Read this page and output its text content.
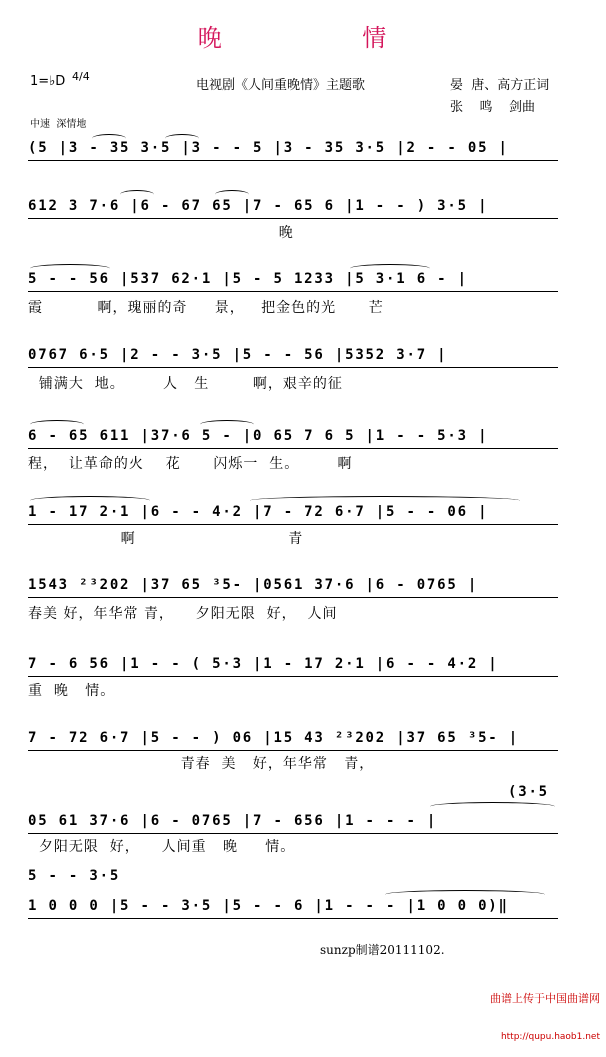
晚    情
1=♭D 4/4
电视剧《人间重晚情》主题歌	晏  唐、高方正词
张    鸣    剑曲
中速  深情地
(5 |3 - 35 3·5 |3 - - 5 |3 - 35 3·5 |2 - - 05 |
612 3 7·6 |6 - 67 65 |7 - 65 6 |1 - - ) 3·5 |
晚
5 - - 56 |537 62·1 |5 - 5 1233 |5 3·1 6 - |
霞          啊，瑰丽的奇     景，   把金色的光      芒
0767 6·5 |2 - - 3·5 |5 - - 56 |5352 3·7 |
铺满大  地。       人   生        啊，艰辛的征
6 - 65 611 |37·6 5 - |0 65 7 6 5 |1 - - 5·3 |
程，  让革命的火    花      闪烁一  生。       啊
1 - 17 2·1 |6 - - 4·2 |7 - 72 6·7 |5 - - 06 |
啊                            青
1543 ²³202 |37 65 ³5- |0561 37·6 |6 - 0765 |
春美 好，年华常 青，    夕阳无限  好，  人间
7 - 6 56 |1 - - ( 5·3 |1 - 17 2·1 |6 - - 4·2 |
重  晚   情。
7 - 72 6·7 |5 - - ) 06 |15 43 ²³202 |37 65 ³5- |
青春  美   好，年华常   青，
(3·5
05 61 37·6 |6 - 0765 |7 - 656 |1 - - - |
夕阳无限  好，    人间重   晚     情。
5 - - 3·5
1 0 0 0 |5 - - 3·5 |5 - - 6 |1 - - - |1 0 0 0)‖
sunzp制谱20111102.

曲谱上传于中国曲谱网

http://qupu.haob1.net
